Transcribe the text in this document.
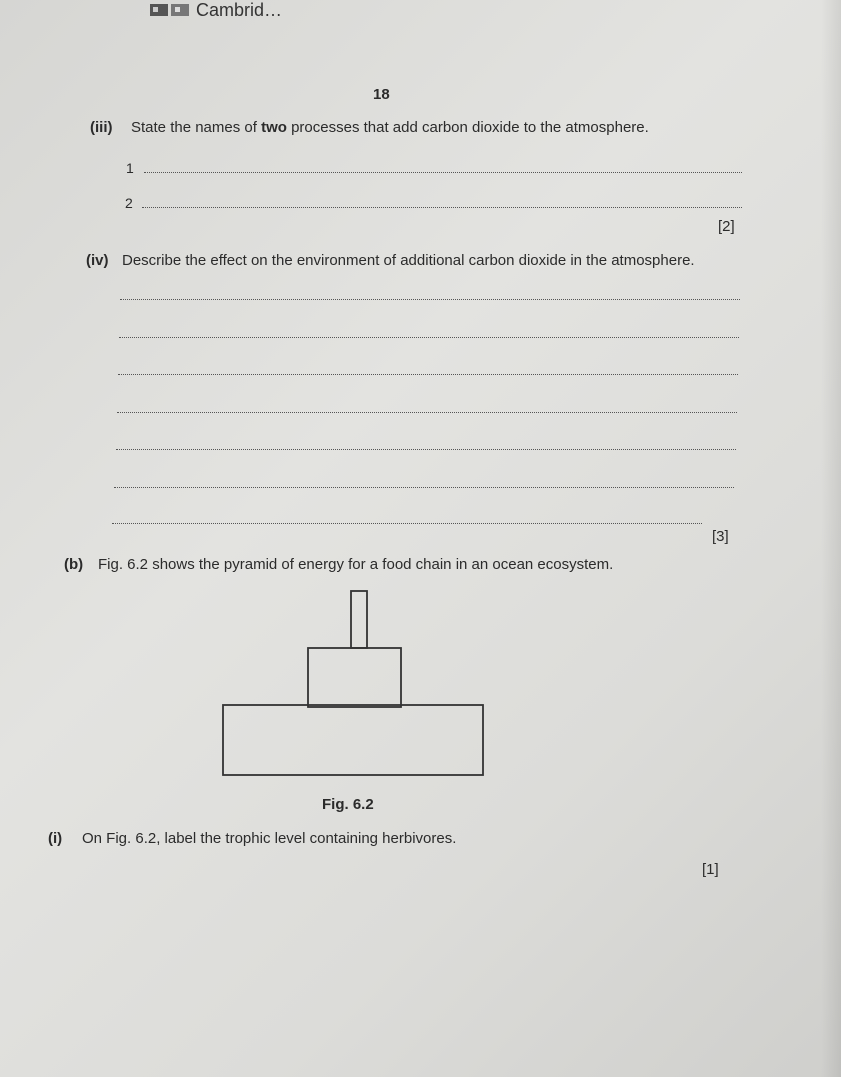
Cambrid…
18
(iii) State the names of two processes that add carbon dioxide to the atmosphere.
1
2
[2]
(iv) Describe the effect on the environment of additional carbon dioxide in the atmosphere.
[3]
(b) Fig. 6.2 shows the pyramid of energy for a food chain in an ocean ecosystem.
Fig. 6.2
(i) On Fig. 6.2, label the trophic level containing herbivores.
[1]
